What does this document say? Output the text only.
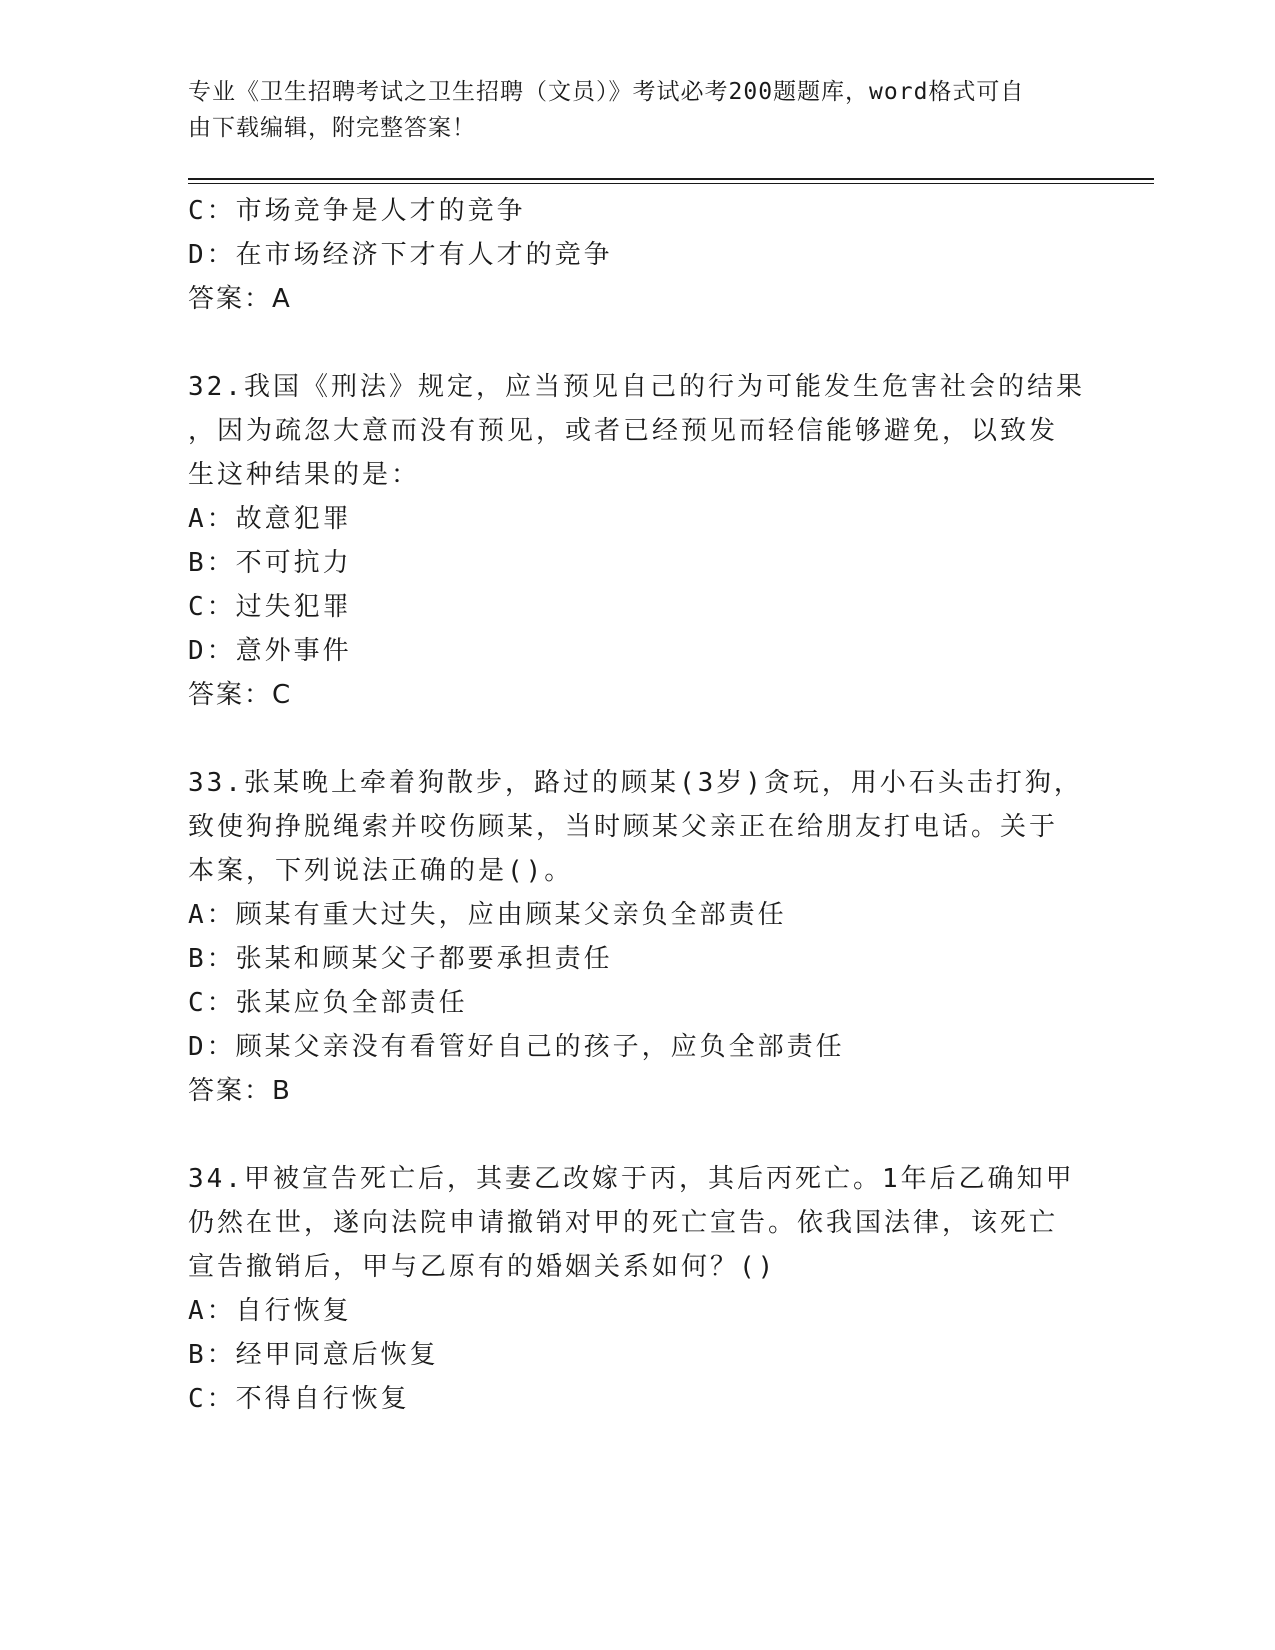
专业《卫生招聘考试之卫生招聘（文员）》考试必考200题题库，word格式可自
由下载编辑，附完整答案！
C：市场竞争是人才的竞争
D：在市场经济下才有人才的竞争
答案：A
32.我国《刑法》规定，应当预见自己的行为可能发生危害社会的结果
，因为疏忽大意而没有预见，或者已经预见而轻信能够避免，以致发
生这种结果的是：
A：故意犯罪
B：不可抗力
C：过失犯罪
D：意外事件
答案：C
33.张某晚上牵着狗散步，路过的顾某(3岁)贪玩，用小石头击打狗，
致使狗挣脱绳索并咬伤顾某，当时顾某父亲正在给朋友打电话。关于
本案，下列说法正确的是()。
A：顾某有重大过失，应由顾某父亲负全部责任
B：张某和顾某父子都要承担责任
C：张某应负全部责任
D：顾某父亲没有看管好自己的孩子，应负全部责任
答案：B
34.甲被宣告死亡后，其妻乙改嫁于丙，其后丙死亡。1年后乙确知甲
仍然在世，遂向法院申请撤销对甲的死亡宣告。依我国法律，该死亡
宣告撤销后，甲与乙原有的婚姻关系如何？()
A：自行恢复
B：经甲同意后恢复
C：不得自行恢复
